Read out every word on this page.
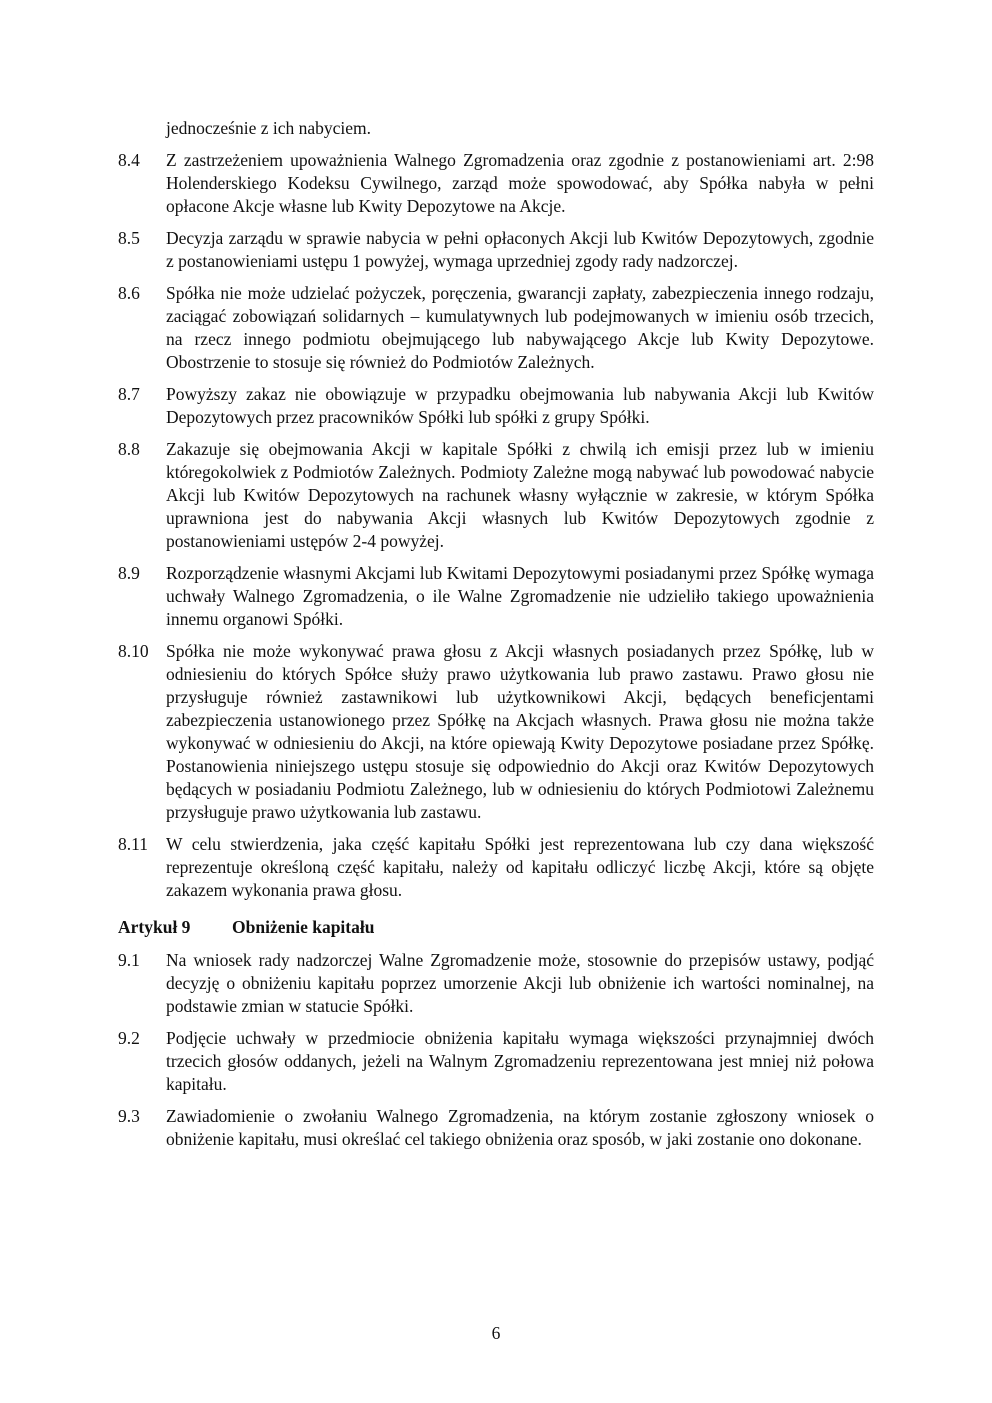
jednocześnie z ich nabyciem.

8.4	Z zastrzeżeniem upoważnienia Walnego Zgromadzenia oraz zgodnie z postanowieniami art. 2:98 Holenderskiego Kodeksu Cywilnego, zarząd może spowodować, aby Spółka nabyła w pełni opłacone Akcje własne lub Kwity Depozytowe na Akcje.
8.5	Decyzja zarządu w sprawie nabycia w pełni opłaconych Akcji lub Kwitów Depozytowych, zgodnie z postanowieniami ustępu 1 powyżej, wymaga uprzedniej zgody rady nadzorczej.
8.6	Spółka nie może udzielać pożyczek, poręczenia, gwarancji zapłaty, zabezpieczenia innego rodzaju, zaciągać zobowiązań solidarnych – kumulatywnych lub podejmowanych w imieniu osób trzecich, na rzecz innego podmiotu obejmującego lub nabywającego Akcje lub Kwity Depozytowe. Obostrzenie to stosuje się również do Podmiotów Zależnych.
8.7	Powyższy zakaz nie obowiązuje w przypadku obejmowania lub nabywania Akcji lub Kwitów Depozytowych przez pracowników Spółki lub spółki z grupy Spółki.
8.8	Zakazuje się obejmowania Akcji w kapitale Spółki z chwilą ich emisji przez lub w imieniu któregokolwiek z Podmiotów Zależnych. Podmioty Zależne mogą nabywać lub powodować nabycie Akcji lub Kwitów Depozytowych na rachunek własny wyłącznie w zakresie, w którym Spółka uprawniona jest do nabywania Akcji własnych lub Kwitów Depozytowych zgodnie z postanowieniami ustępów 2-4 powyżej.
8.9	Rozporządzenie własnymi Akcjami lub Kwitami Depozytowymi posiadanymi przez Spółkę wymaga uchwały Walnego Zgromadzenia, o ile Walne Zgromadzenie nie udzieliło takiego upoważnienia innemu organowi Spółki.
8.10 Spółka nie może wykonywać prawa głosu z Akcji własnych posiadanych przez Spółkę, lub w odniesieniu do których Spółce służy prawo użytkowania lub prawo zastawu. Prawo głosu nie przysługuje również zastawnikowi lub użytkownikowi Akcji, będących beneficjentami zabezpieczenia ustanowionego przez Spółkę na Akcjach własnych. Prawa głosu nie można także wykonywać w odniesieniu do Akcji, na które opiewają Kwity Depozytowe posiadane przez Spółkę. Postanowienia niniejszego ustępu stosuje się odpowiednio do Akcji oraz Kwitów Depozytowych będących w posiadaniu Podmiotu Zależnego, lub w odniesieniu do których Podmiotowi Zależnemu przysługuje prawo użytkowania lub zastawu.
8.11	W celu stwierdzenia, jaka część kapitału Spółki jest reprezentowana lub czy dana większość reprezentuje określoną część kapitału, należy od kapitału odliczyć liczbę Akcji, które są objęte zakazem wykonania prawa głosu.
Artykuł 9	Obniżenie kapitału
9.1	Na wniosek rady nadzorczej Walne Zgromadzenie może, stosownie do przepisów ustawy, podjąć decyzję o obniżeniu kapitału poprzez umorzenie Akcji lub obniżenie ich wartości nominalnej, na podstawie zmian w statucie Spółki.
9.2	Podjęcie uchwały w przedmiocie obniżenia kapitału wymaga większości przynajmniej dwóch trzecich głosów oddanych, jeżeli na Walnym Zgromadzeniu reprezentowana jest mniej niż połowa kapitału.
9.3	Zawiadomienie o zwołaniu Walnego Zgromadzenia, na którym zostanie zgłoszony wniosek o obniżenie kapitału, musi określać cel takiego obniżenia oraz sposób, w jaki zostanie ono dokonane.
6
